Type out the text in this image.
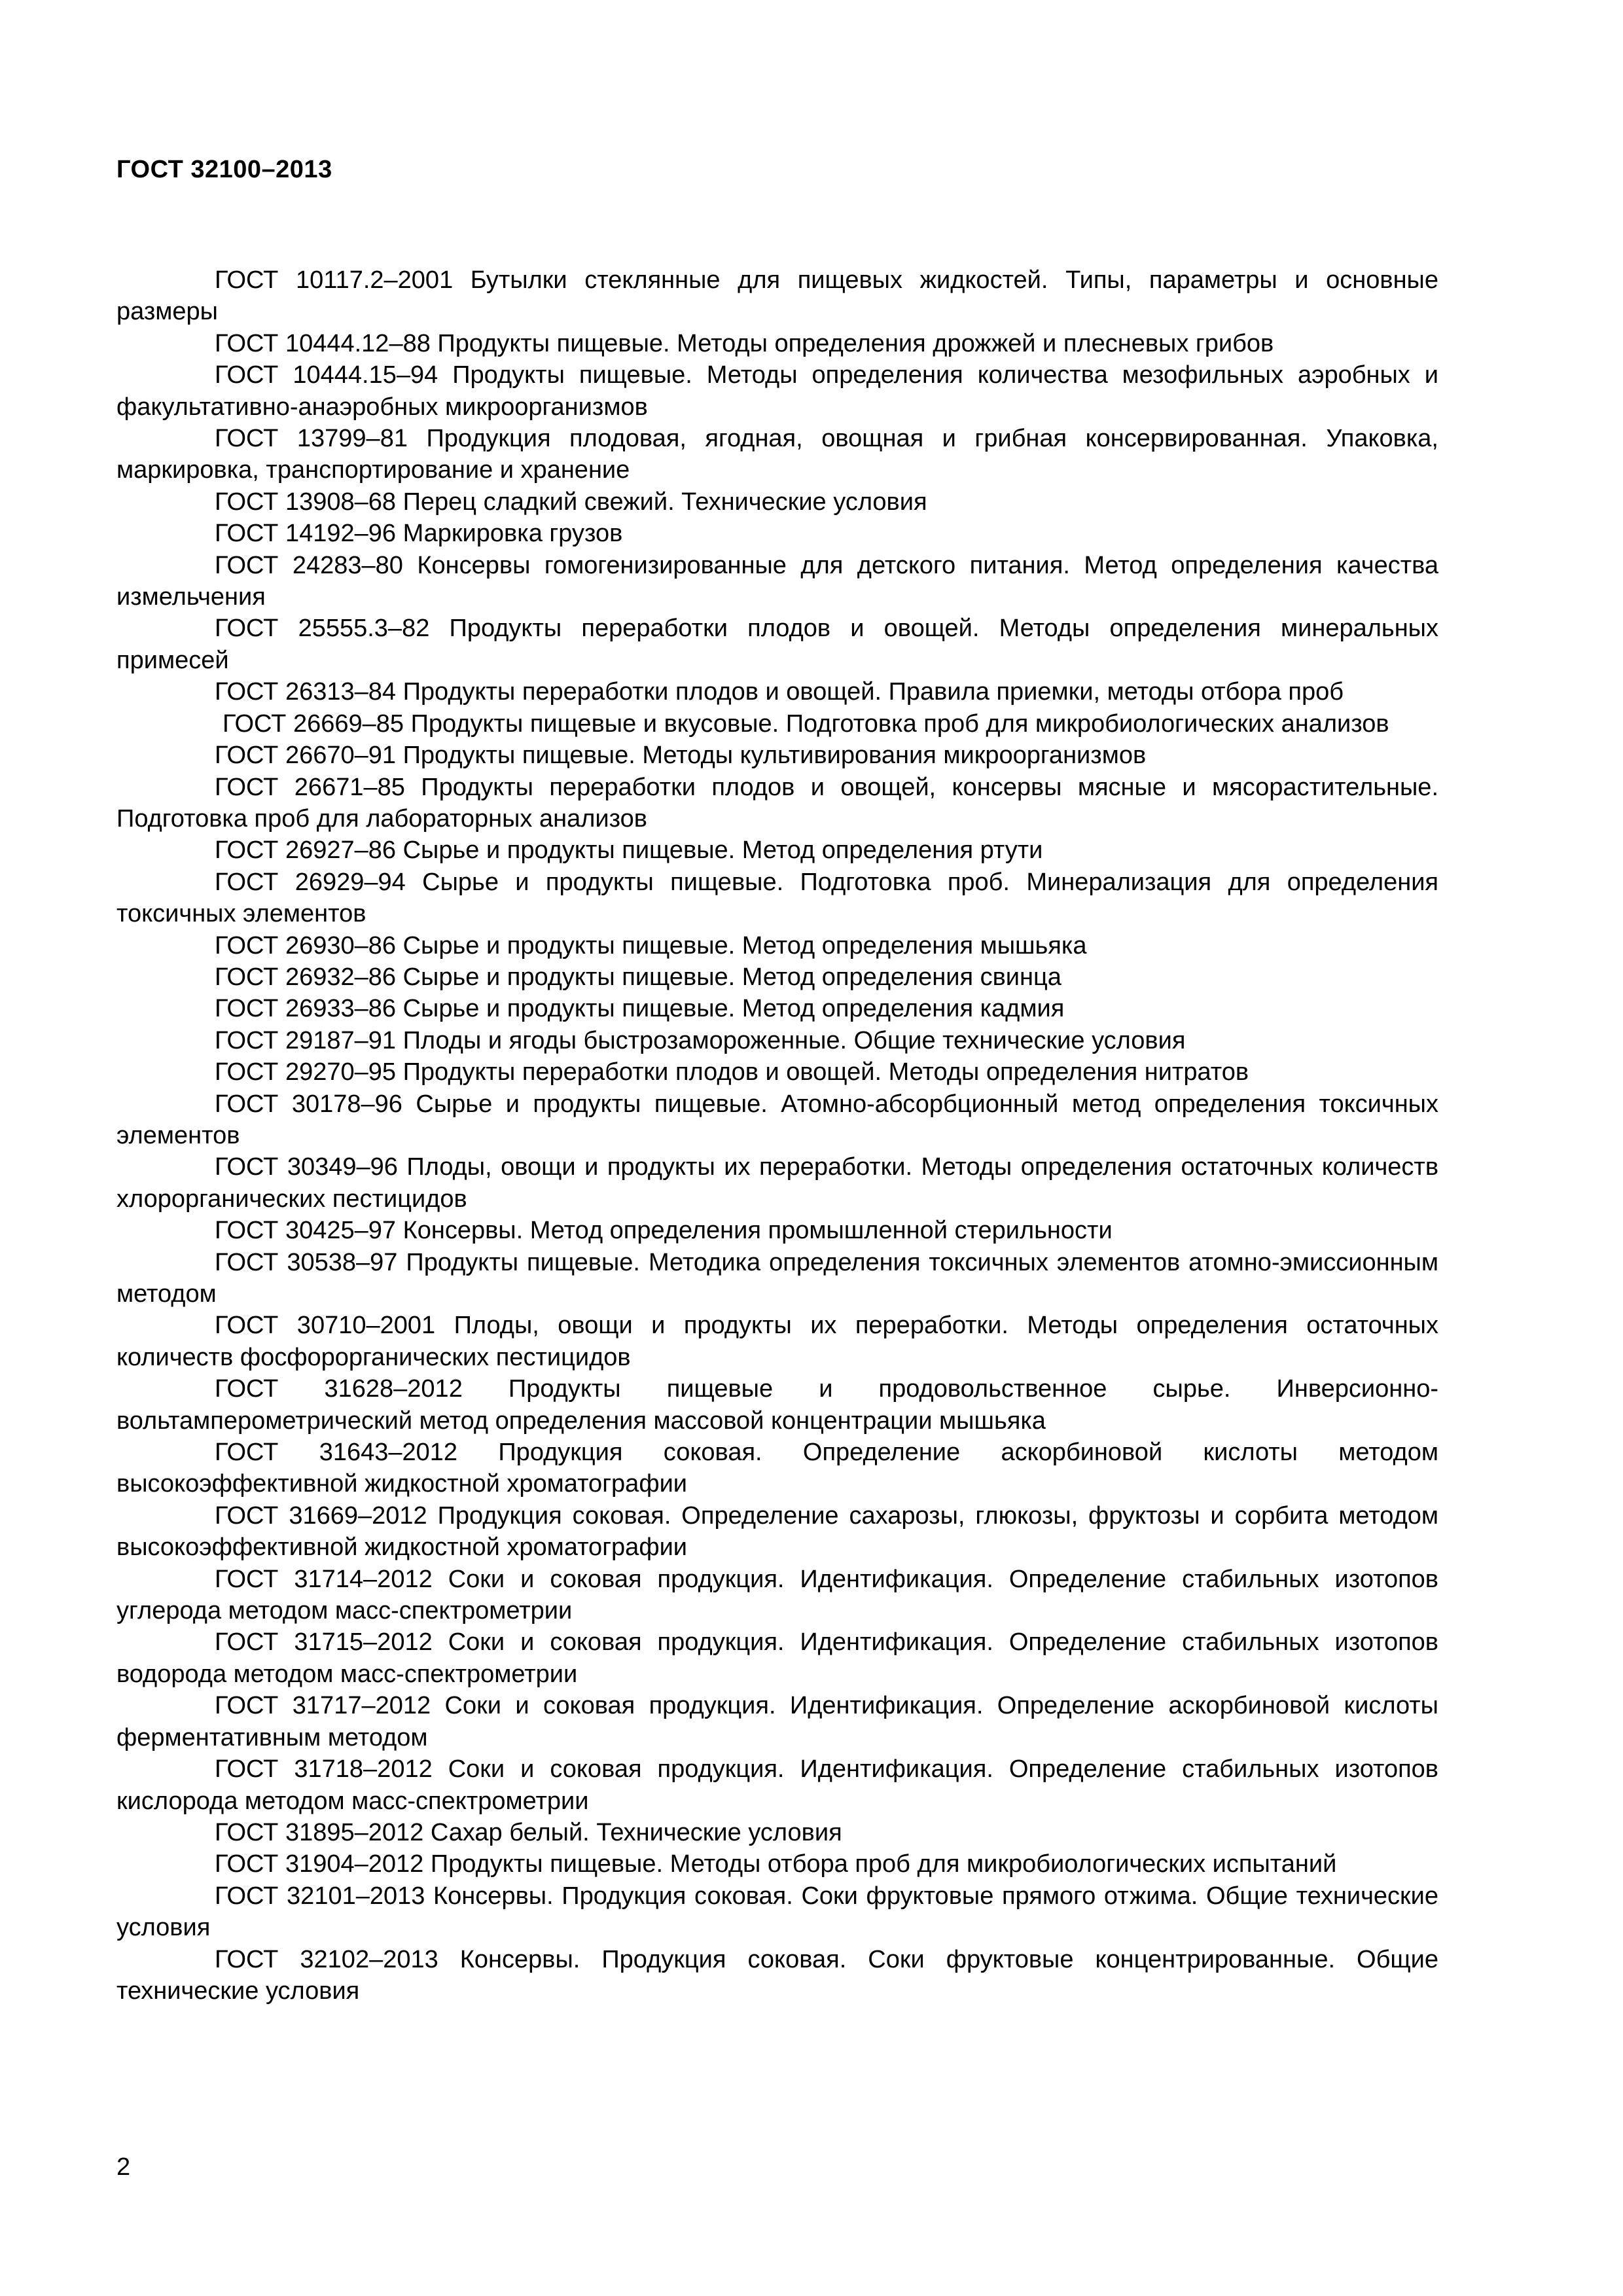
ГОСТ 32100–2013

ГОСТ 10117.2–2001 Бутылки стеклянные для пищевых жидкостей. Типы, параметры и основные размеры

ГОСТ 10444.12–88 Продукты пищевые. Методы определения дрожжей и плесневых грибов

ГОСТ 10444.15–94 Продукты пищевые. Методы определения количества мезофильных аэробных и факультативно-анаэробных микроорганизмов

ГОСТ 13799–81 Продукция плодовая, ягодная, овощная и грибная консервированная. Упаковка, маркировка, транспортирование и хранение

ГОСТ 13908–68 Перец сладкий свежий. Технические условия

ГОСТ 14192–96 Маркировка грузов

ГОСТ 24283–80 Консервы гомогенизированные для детского питания. Метод определения качества измельчения

ГОСТ 25555.3–82 Продукты переработки плодов и овощей. Методы определения минеральных примесей

ГОСТ 26313–84 Продукты переработки плодов и овощей. Правила приемки, методы отбора проб

ГОСТ 26669–85 Продукты пищевые и вкусовые. Подготовка проб для микробиологических анализов

ГОСТ 26670–91 Продукты пищевые. Методы культивирования микроорганизмов

ГОСТ 26671–85 Продукты переработки плодов и овощей, консервы мясные и мясорастительные. Подготовка проб для лабораторных анализов

ГОСТ 26927–86 Сырье и продукты пищевые. Метод определения ртути

ГОСТ 26929–94 Сырье и продукты пищевые. Подготовка проб. Минерализация для определения токсичных элементов

ГОСТ 26930–86 Сырье и продукты пищевые. Метод определения мышьяка

ГОСТ 26932–86 Сырье и продукты пищевые. Метод определения свинца

ГОСТ 26933–86 Сырье и продукты пищевые. Метод определения кадмия

ГОСТ 29187–91 Плоды и ягоды быстрозамороженные. Общие технические условия

ГОСТ 29270–95 Продукты переработки плодов и овощей. Методы определения нитратов

ГОСТ 30178–96 Сырье и продукты пищевые. Атомно-абсорбционный метод определения токсичных элементов

ГОСТ 30349–96 Плоды, овощи и продукты их переработки. Методы определения остаточных количеств хлорорганических пестицидов

ГОСТ 30425–97 Консервы. Метод определения промышленной стерильности

ГОСТ 30538–97 Продукты пищевые. Методика определения токсичных элементов атомно-эмиссионным методом

ГОСТ 30710–2001 Плоды, овощи и продукты их переработки. Методы определения остаточных количеств фосфорорганических пестицидов

ГОСТ 31628–2012 Продукты пищевые и продовольственное сырье. Инверсионно-вольтамперометрический метод определения массовой концентрации мышьяка

ГОСТ 31643–2012 Продукция соковая. Определение аскорбиновой кислоты методом высокоэффективной жидкостной хроматографии

ГОСТ 31669–2012 Продукция соковая. Определение сахарозы, глюкозы, фруктозы и сорбита методом высокоэффективной жидкостной хроматографии

ГОСТ 31714–2012 Соки и соковая продукция. Идентификация. Определение стабильных изотопов углерода методом масс-спектрометрии

ГОСТ 31715–2012 Соки и соковая продукция. Идентификация. Определение стабильных изотопов водорода методом масс-спектрометрии

ГОСТ 31717–2012 Соки и соковая продукция. Идентификация. Определение аскорбиновой кислоты ферментативным методом

ГОСТ 31718–2012 Соки и соковая продукция. Идентификация. Определение стабильных изотопов кислорода методом масс-спектрометрии

ГОСТ 31895–2012 Сахар белый. Технические условия

ГОСТ 31904–2012 Продукты пищевые. Методы отбора проб для микробиологических испытаний

ГОСТ 32101–2013 Консервы. Продукция соковая. Соки фруктовые прямого отжима. Общие технические условия

ГОСТ 32102–2013 Консервы. Продукция соковая. Соки фруктовые концентрированные. Общие технические условия

2
